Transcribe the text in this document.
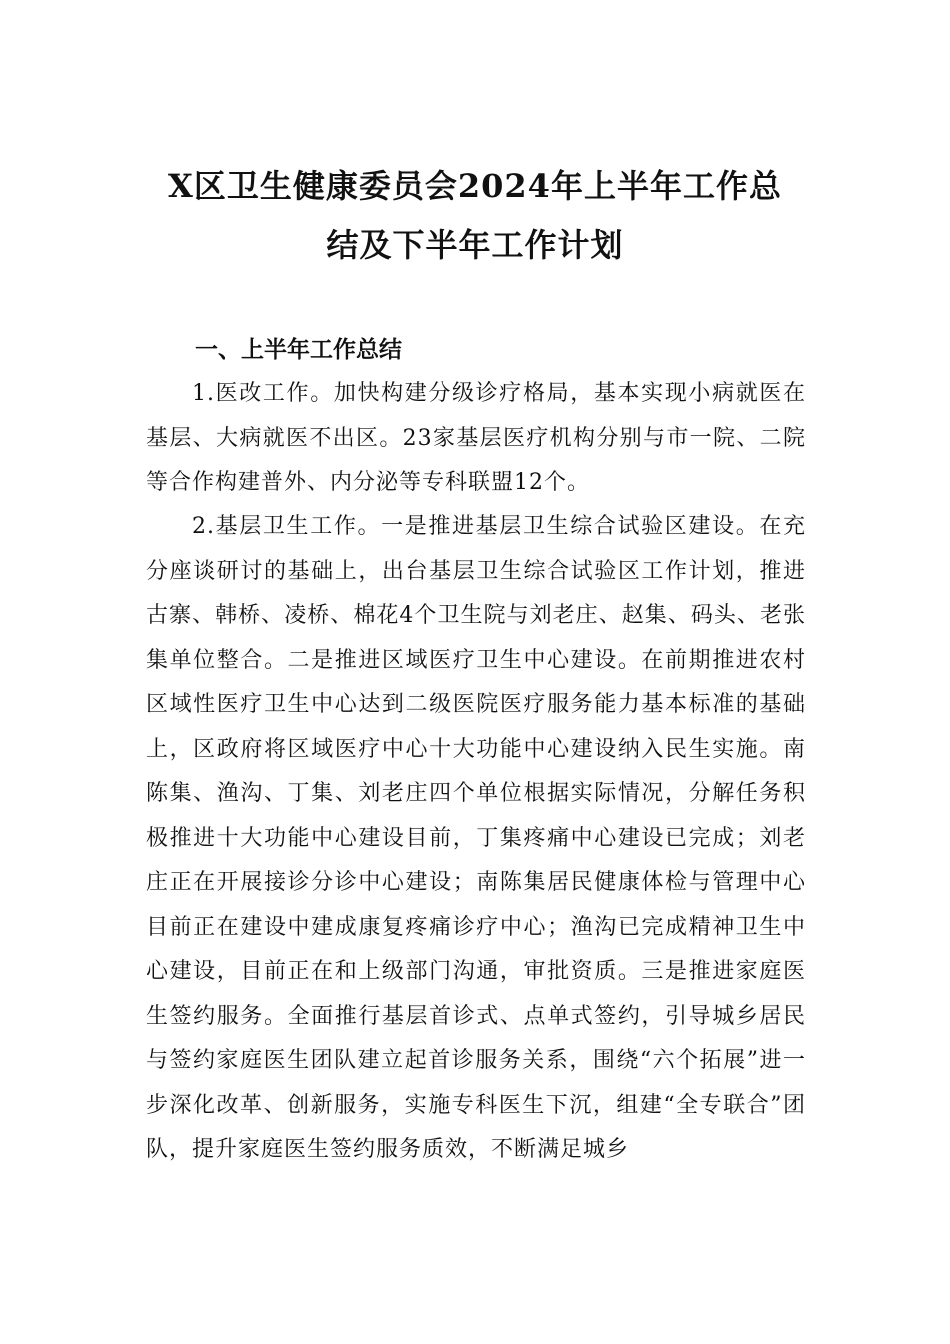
X区卫生健康委员会2024年上半年工作总
结及下半年工作计划
一、上半年工作总结

1.医改工作。加快构建分级诊疗格局，基本实现小病就医在基层、大病就医不出区。23家基层医疗机构分别与市一院、二院等合作构建普外、内分泌等专科联盟12个。

2.基层卫生工作。一是推进基层卫生综合试验区建设。在充分座谈研讨的基础上，出台基层卫生综合试验区工作计划，推进古寨、韩桥、凌桥、棉花4个卫生院与刘老庄、赵集、码头、老张集单位整合。二是推进区域医疗卫生中心建设。在前期推进农村区域性医疗卫生中心达到二级医院医疗服务能力基本标准的基础上，区政府将区域医疗中心十大功能中心建设纳入民生实施。南陈集、渔沟、丁集、刘老庄四个单位根据实际情况，分解任务积极推进十大功能中心建设目前，丁集疼痛中心建设已完成；刘老庄正在开展接诊分诊中心建设；南陈集居民健康体检与管理中心目前正在建设中建成康复疼痛诊疗中心；渔沟已完成精神卫生中心建设，目前正在和上级部门沟通，审批资质。三是推进家庭医生签约服务。全面推行基层首诊式、点单式签约，引导城乡居民与签约家庭医生团队建立起首诊服务关系，围绕“六个拓展”进一步深化改革、创新服务，实施专科医生下沉，组建“全专联合”团队，提升家庭医生签约服务质效，不断满足城乡
